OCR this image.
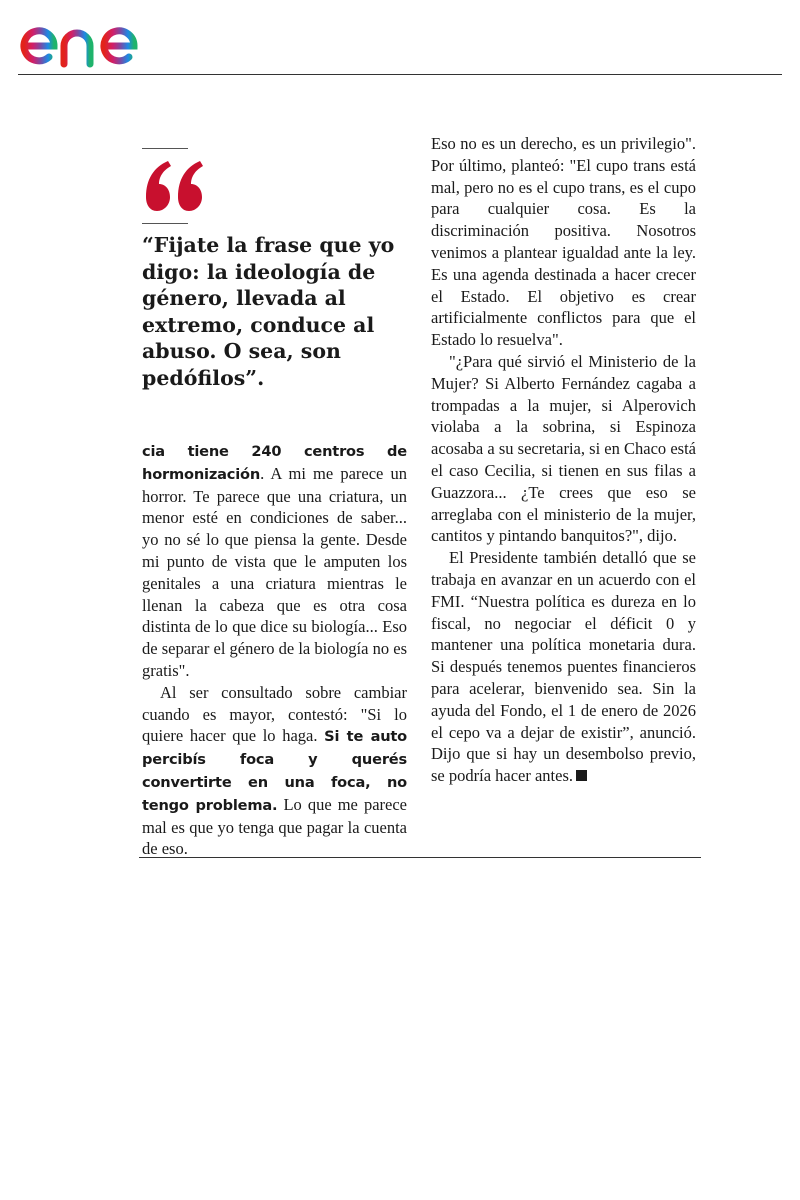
“Fijate la frase que yo digo: la ideología de género, llevada al extremo, conduce al abuso. O sea, son pedófilos”.

cia tiene 240 centros de hormonización. A mi me parece un horror. Te parece que una criatura, un menor esté en condiciones de saber... yo no sé lo que piensa la gente. Desde mi punto de vista que le amputen los genitales a una criatura mientras le llenan la cabeza que es otra cosa distinta de lo que dice su biología... Eso de separar el género de la biología no es gratis".

Al ser consultado sobre cambiar cuando es mayor, contestó: "Si lo quiere hacer que lo haga. Si te auto percibís foca y querés convertirte en una foca, no tengo problema. Lo que me parece mal es que yo tenga que pagar la cuenta de eso.

Eso no es un derecho, es un privilegio". Por último, planteó: "El cupo trans está mal, pero no es el cupo trans, es el cupo para cualquier cosa. Es la discriminación positiva. Nosotros venimos a plantear igualdad ante la ley. Es una agenda destinada a hacer crecer el Estado. El objetivo es crear artificialmente conflictos para que el Estado lo resuelva".

"¿Para qué sirvió el Ministerio de la Mujer? Si Alberto Fernández cagaba a trompadas a la mujer, si Alperovich violaba a la sobrina, si Espinoza acosaba a su secretaria, si en Chaco está el caso Cecilia, si tienen en sus filas a Guazzora... ¿Te crees que eso se arreglaba con el ministerio de la mujer, cantitos y pintando banquitos?", dijo.

El Presidente también detalló que se trabaja en avanzar en un acuerdo con el FMI. “Nuestra política es dureza en lo fiscal, no negociar el déficit 0 y mantener una política monetaria dura. Si después tenemos puentes financieros para acelerar, bienvenido sea. Sin la ayuda del Fondo, el 1 de enero de 2026 el cepo va a dejar de existir”, anunció. Dijo que si hay un desembolso previo, se podría hacer antes.
